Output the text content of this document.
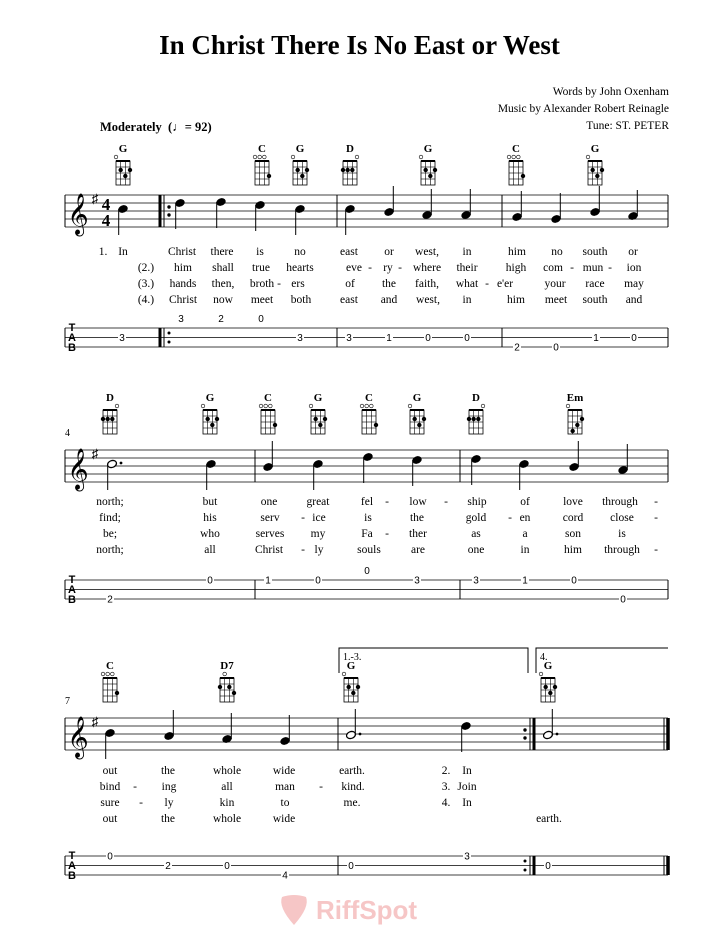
In Christ There Is No East or West
Words by John Oxenham
Music by Alexander Robert Reinagle
Tune: ST. PETER
Moderately  (♩= 92)
𝄞 ♯ 4
4
T
A
B
G	C	G	D	G	C	G
1. In	Christ there is	no	east or west, in	him no south or
(2.) him shall true hearts	eve - ry - where their high com - mun - ion
(3.) hands then, broth - ers	of the faith, what - e'er	your race may
(4.) Christ now meet both	east and west, in	him meet south and
3
3	2	0
3	3	1	0	0
2	0
1	0
4
𝄞 ♯
T
A
B
D	G	C	G	C	G	D	Em
north;	but	one	great	fel - low - ship	of	love through -
find;	his	serv - ice	is	the	gold - en	cord close -
be;	who	serves my	Fa - ther	as	a	son	is
north;	all	Christ - ly	souls	are	one	in	him through -
2
0	1	0
0
3	3	1	0
0
7
𝄞 ♯
T
A
B
1.-3.	4.
C	D7	G	G
out	the	whole	wide	earth.	2. In
bind - ing	all	man - kind.	3. Join
sure - ly	kin	to	me.	4. In
out	the	whole	wide	earth.
0
2	0
4
0
3
0
RiffSpot
